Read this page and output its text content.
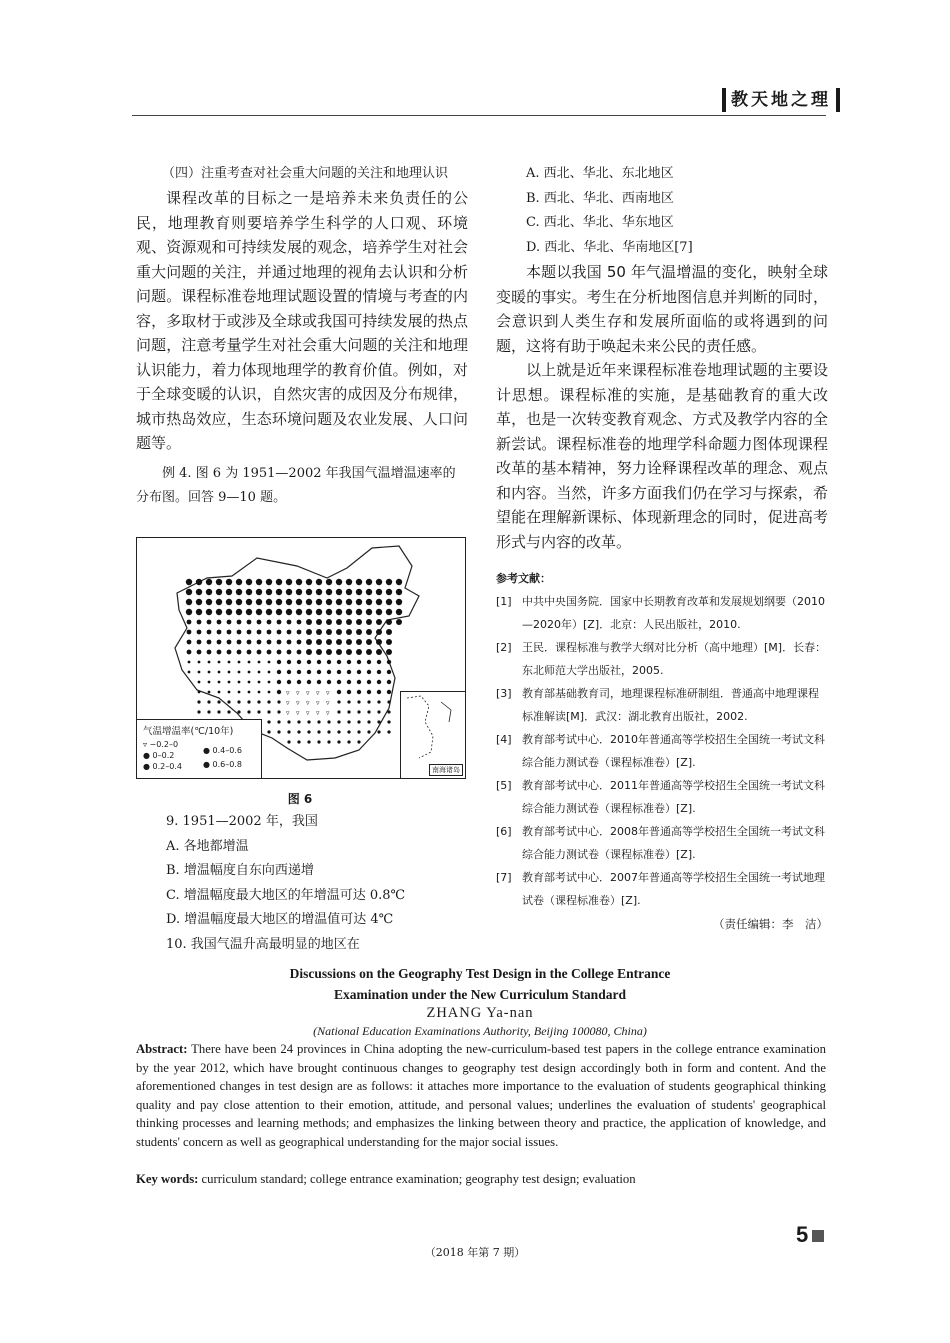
教天地之理

（四）注重考查对社会重大问题的关注和地理认识

课程改革的目标之一是培养未来负责任的公民，地理教育则要培养学生科学的人口观、环境观、资源观和可持续发展的观念，培养学生对社会重大问题的关注，并通过地理的视角去认识和分析问题。课程标准卷地理试题设置的情境与考查的内容，多取材于或涉及全球或我国可持续发展的热点问题，注意考量学生对社会重大问题的关注和地理认识能力，着力体现地理学的教育价值。例如，对于全球变暖的认识，自然灾害的成因及分布规律，城市热岛效应，生态环境问题及农业发展、人口问题等。

例 4. 图 6 为 1951—2002 年我国气温增温速率的分布图。回答 9—10 题。

▿ ▿ ▿ ▿ ▿
▿ ▿ ▿ ▿ ▿
▿ ▿ ▿ ▿ ▿
气温增温率(℃/10年)
▿ −0.2–0
● 0–0.2
● 0.2–0.4
● 0.4–0.6
● 0.6–0.8
南海诸岛
图 6

9. 1951—2002 年，我国

A. 各地都增温

B. 增温幅度自东向西递增

C. 增温幅度最大地区的年增温可达 0.8℃

D. 增温幅度最大地区的增温值可达 4℃

10. 我国气温升高最明显的地区在

A. 西北、华北、东北地区

B. 西北、华北、西南地区

C. 西北、华北、华东地区

D. 西北、华北、华南地区[7]

本题以我国 50 年气温增温的变化，映射全球变暖的事实。考生在分析地图信息并判断的同时，会意识到人类生存和发展所面临的或将遇到的问题，这将有助于唤起未来公民的责任感。

以上就是近年来课程标准卷地理试题的主要设计思想。课程标准的实施，是基础教育的重大改革，也是一次转变教育观念、方式及教学内容的全新尝试。课程标准卷的地理学科命题力图体现课程改革的基本精神，努力诠释课程改革的理念、观点和内容。当然，许多方面我们仍在学习与探索，希望能在理解新课标、体现新理念的同时，促进高考形式与内容的改革。

参考文献：

[1] 中共中央国务院．国家中长期教育改革和发展规划纲要（2010—2020年）[Z]．北京：人民出版社，2010.

[2] 王民．课程标准与教学大纲对比分析（高中地理）[M]．长春：东北师范大学出版社，2005.

[3] 教育部基础教育司，地理课程标准研制组．普通高中地理课程标准解读[M]．武汉：湖北教育出版社，2002.

[4] 教育部考试中心．2010年普通高等学校招生全国统一考试文科综合能力测试卷（课程标准卷）[Z].

[5] 教育部考试中心．2011年普通高等学校招生全国统一考试文科综合能力测试卷（课程标准卷）[Z].

[6] 教育部考试中心．2008年普通高等学校招生全国统一考试文科综合能力测试卷（课程标准卷）[Z].

[7] 教育部考试中心．2007年普通高等学校招生全国统一考试地理试卷（课程标准卷）[Z].

（责任编辑：李　洁）

Discussions on the Geography Test Design in the College Entrance
Examination under the New Curriculum Standard
ZHANG Ya-nan
(National Education Examinations Authority, Beijing 100080, China)

Abstract: There have been 24 provinces in China adopting the new-curriculum-based test papers in the college entrance examination by the year 2012, which have brought continuous changes to geography test design accordingly both in form and content. And the aforementioned changes in test design are as follows: it attaches more importance to the evaluation of students geographical thinking quality and pay close attention to their emotion, attitude, and personal values; underlines the evaluation of students' geographical thinking processes and learning methods; and emphasizes the linking between theory and practice, the application of knowledge, and students' concern as well as geographical understanding for the major social issues.

Key words: curriculum standard; college entrance examination; geography test design; evaluation

（2018 年第 7 期）
5
